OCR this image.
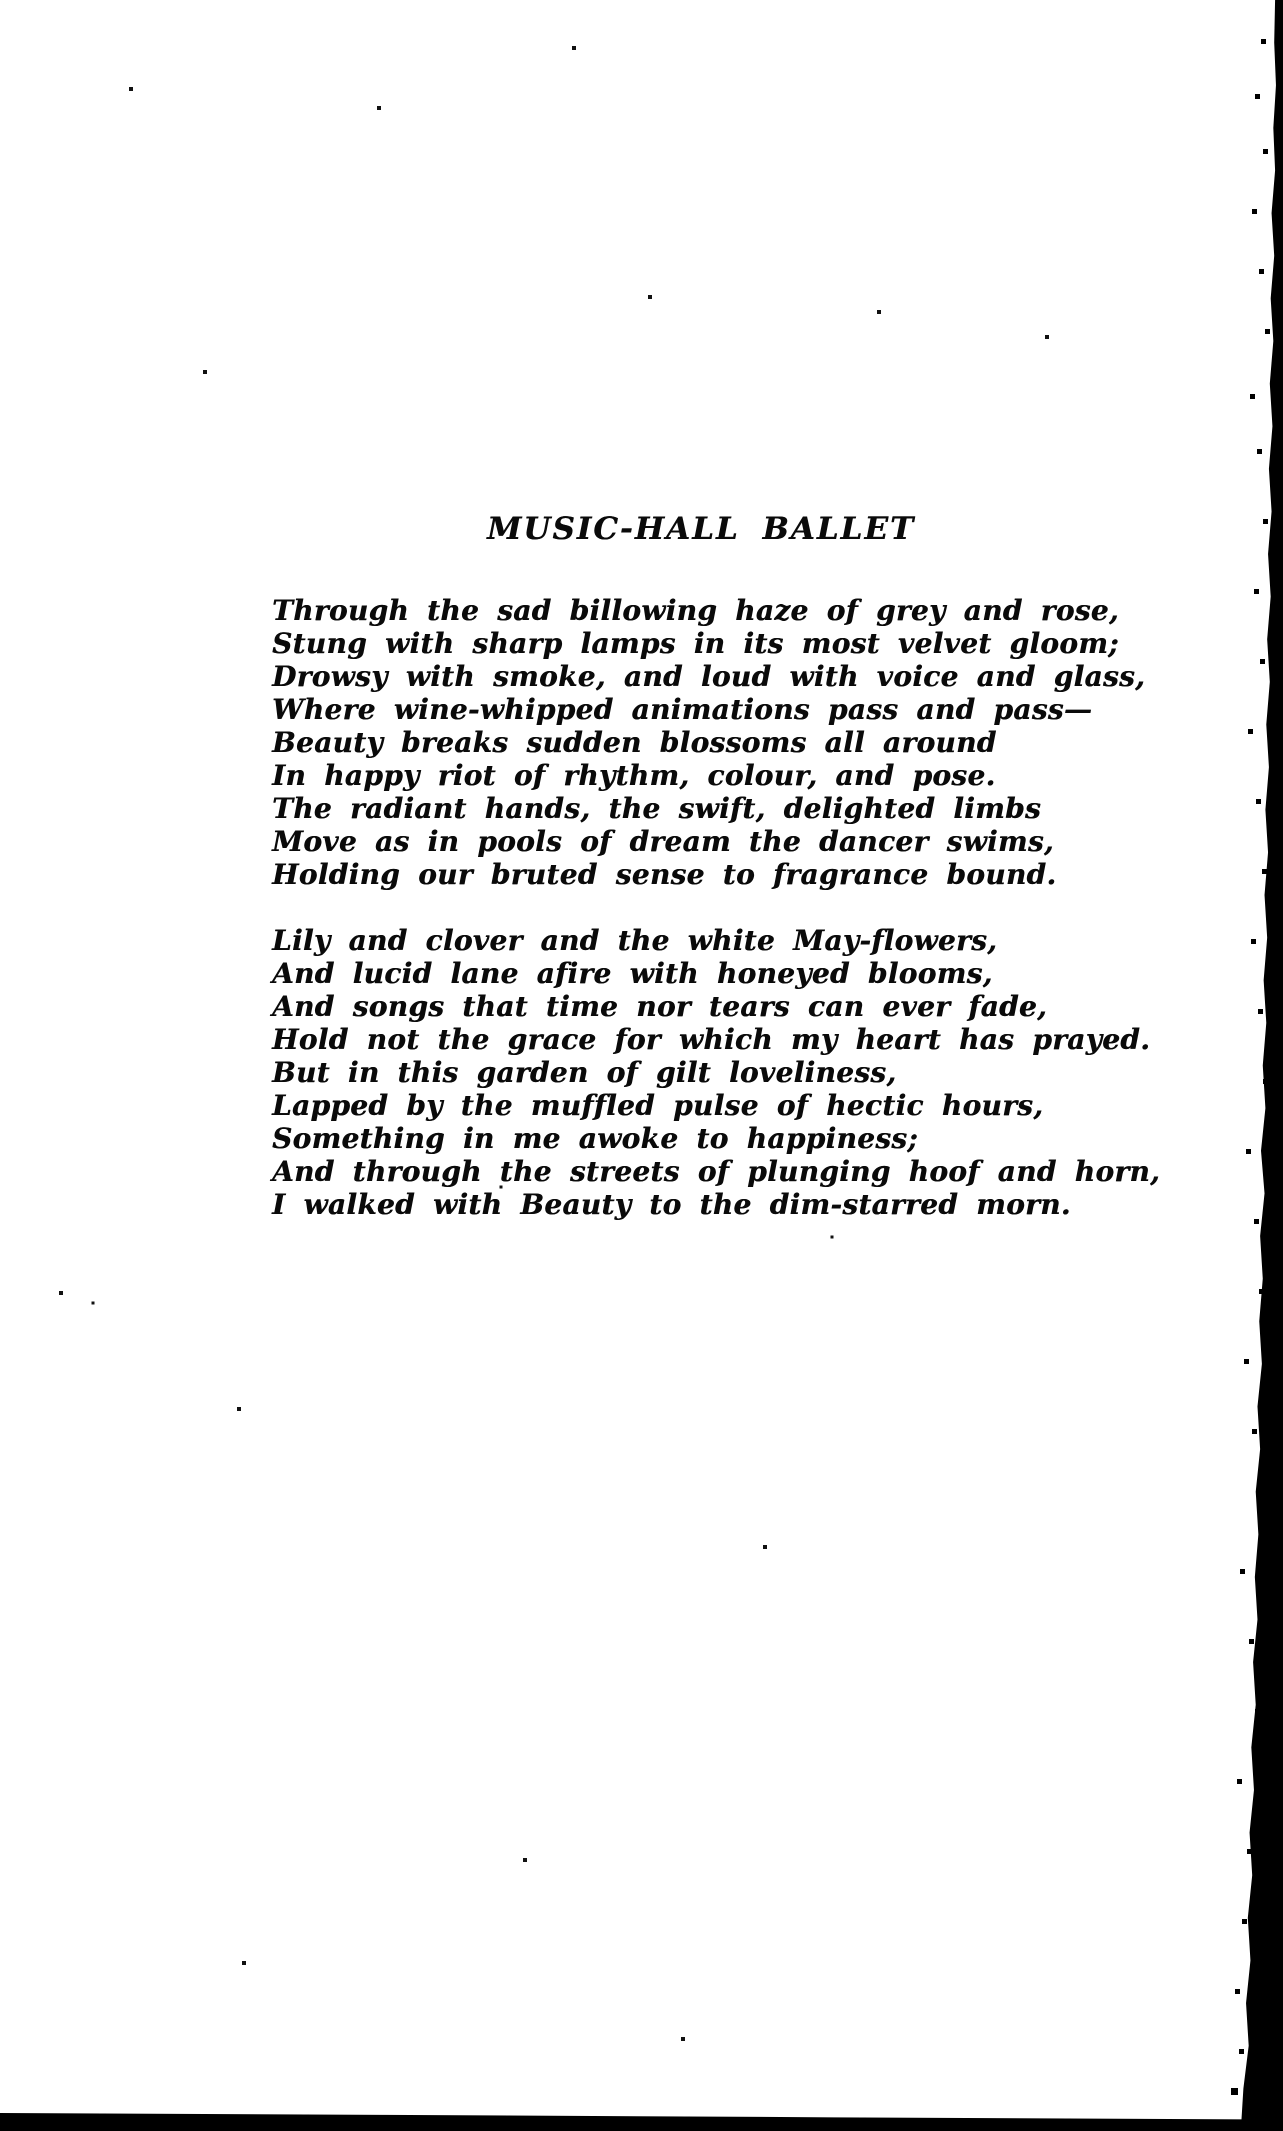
MUSIC-HALL BALLET

Through the sad billowing haze of grey and rose,

Stung with sharp lamps in its most velvet gloom;

Drowsy with smoke, and loud with voice and glass,

Where wine-whipped animations pass and pass—

Beauty breaks sudden blossoms all around

In happy riot of rhythm, colour, and pose.

The radiant hands, the swift, delighted limbs

Move as in pools of dream the dancer swims,

Holding our bruted sense to fragrance bound.

Lily and clover and the white May-flowers,

And lucid lane afire with honeyed blooms,

And songs that time nor tears can ever fade,

Hold not the grace for which my heart has prayed.

But in this garden of gilt loveliness,

Lapped by the muffled pulse of hectic hours,

Something in me awoke to happiness;

And through the streets of plunging hoof and horn,

I walked with Beauty to the dim-starred morn.
